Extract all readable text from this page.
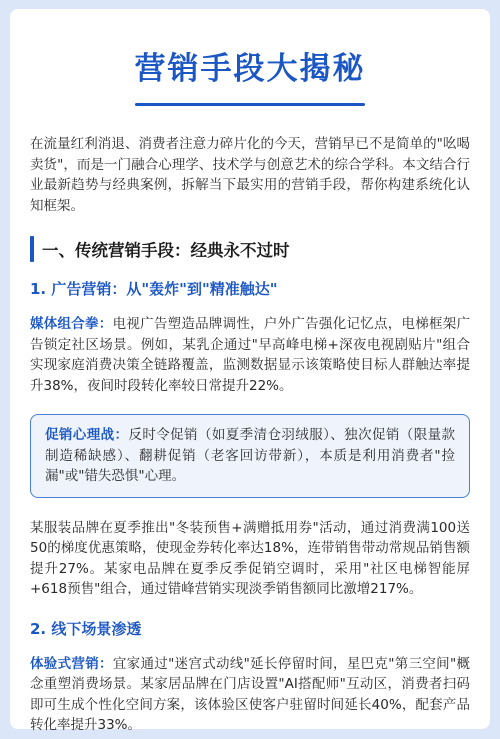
营销手段大揭秘

在流量红利消退、消费者注意力碎片化的今天，营销早已不是简单的"吆喝卖货"，而是一门融合心理学、技术学与创意艺术的综合学科。本文结合行业最新趋势与经典案例，拆解当下最实用的营销手段，帮你构建系统化认知框架。

一、传统营销手段：经典永不过时
1. 广告营销：从"轰炸"到"精准触达"

媒体组合拳：电视广告塑造品牌调性，户外广告强化记忆点，电梯框架广告锁定社区场景。例如，某乳企通过"早高峰电梯+深夜电视剧贴片"组合实现家庭消费决策全链路覆盖，监测数据显示该策略使目标人群触达率提升38%，夜间时段转化率较日常提升22%。

促销心理战：反时令促销（如夏季清仓羽绒服）、独次促销（限量款制造稀缺感）、翻耕促销（老客回访带新），本质是利用消费者"捡漏"或"错失恐惧"心理。

某服装品牌在夏季推出"冬装预售+满赠抵用券"活动，通过消费满100送50的梯度优惠策略，使现金券转化率达18%，连带销售带动常规品销售额提升27%。某家电品牌在夏季反季促销空调时，采用"社区电梯智能屏+618预售"组合，通过错峰营销实现淡季销售额同比激增217%。

2. 线下场景渗透

体验式营销：宜家通过"迷宫式动线"延长停留时间，星巴克"第三空间"概念重塑消费场景。某家居品牌在门店设置"AI搭配师"互动区，消费者扫码即可生成个性化空间方案，该体验区使客户驻留时间延长40%，配套产品转化率提升33%。
